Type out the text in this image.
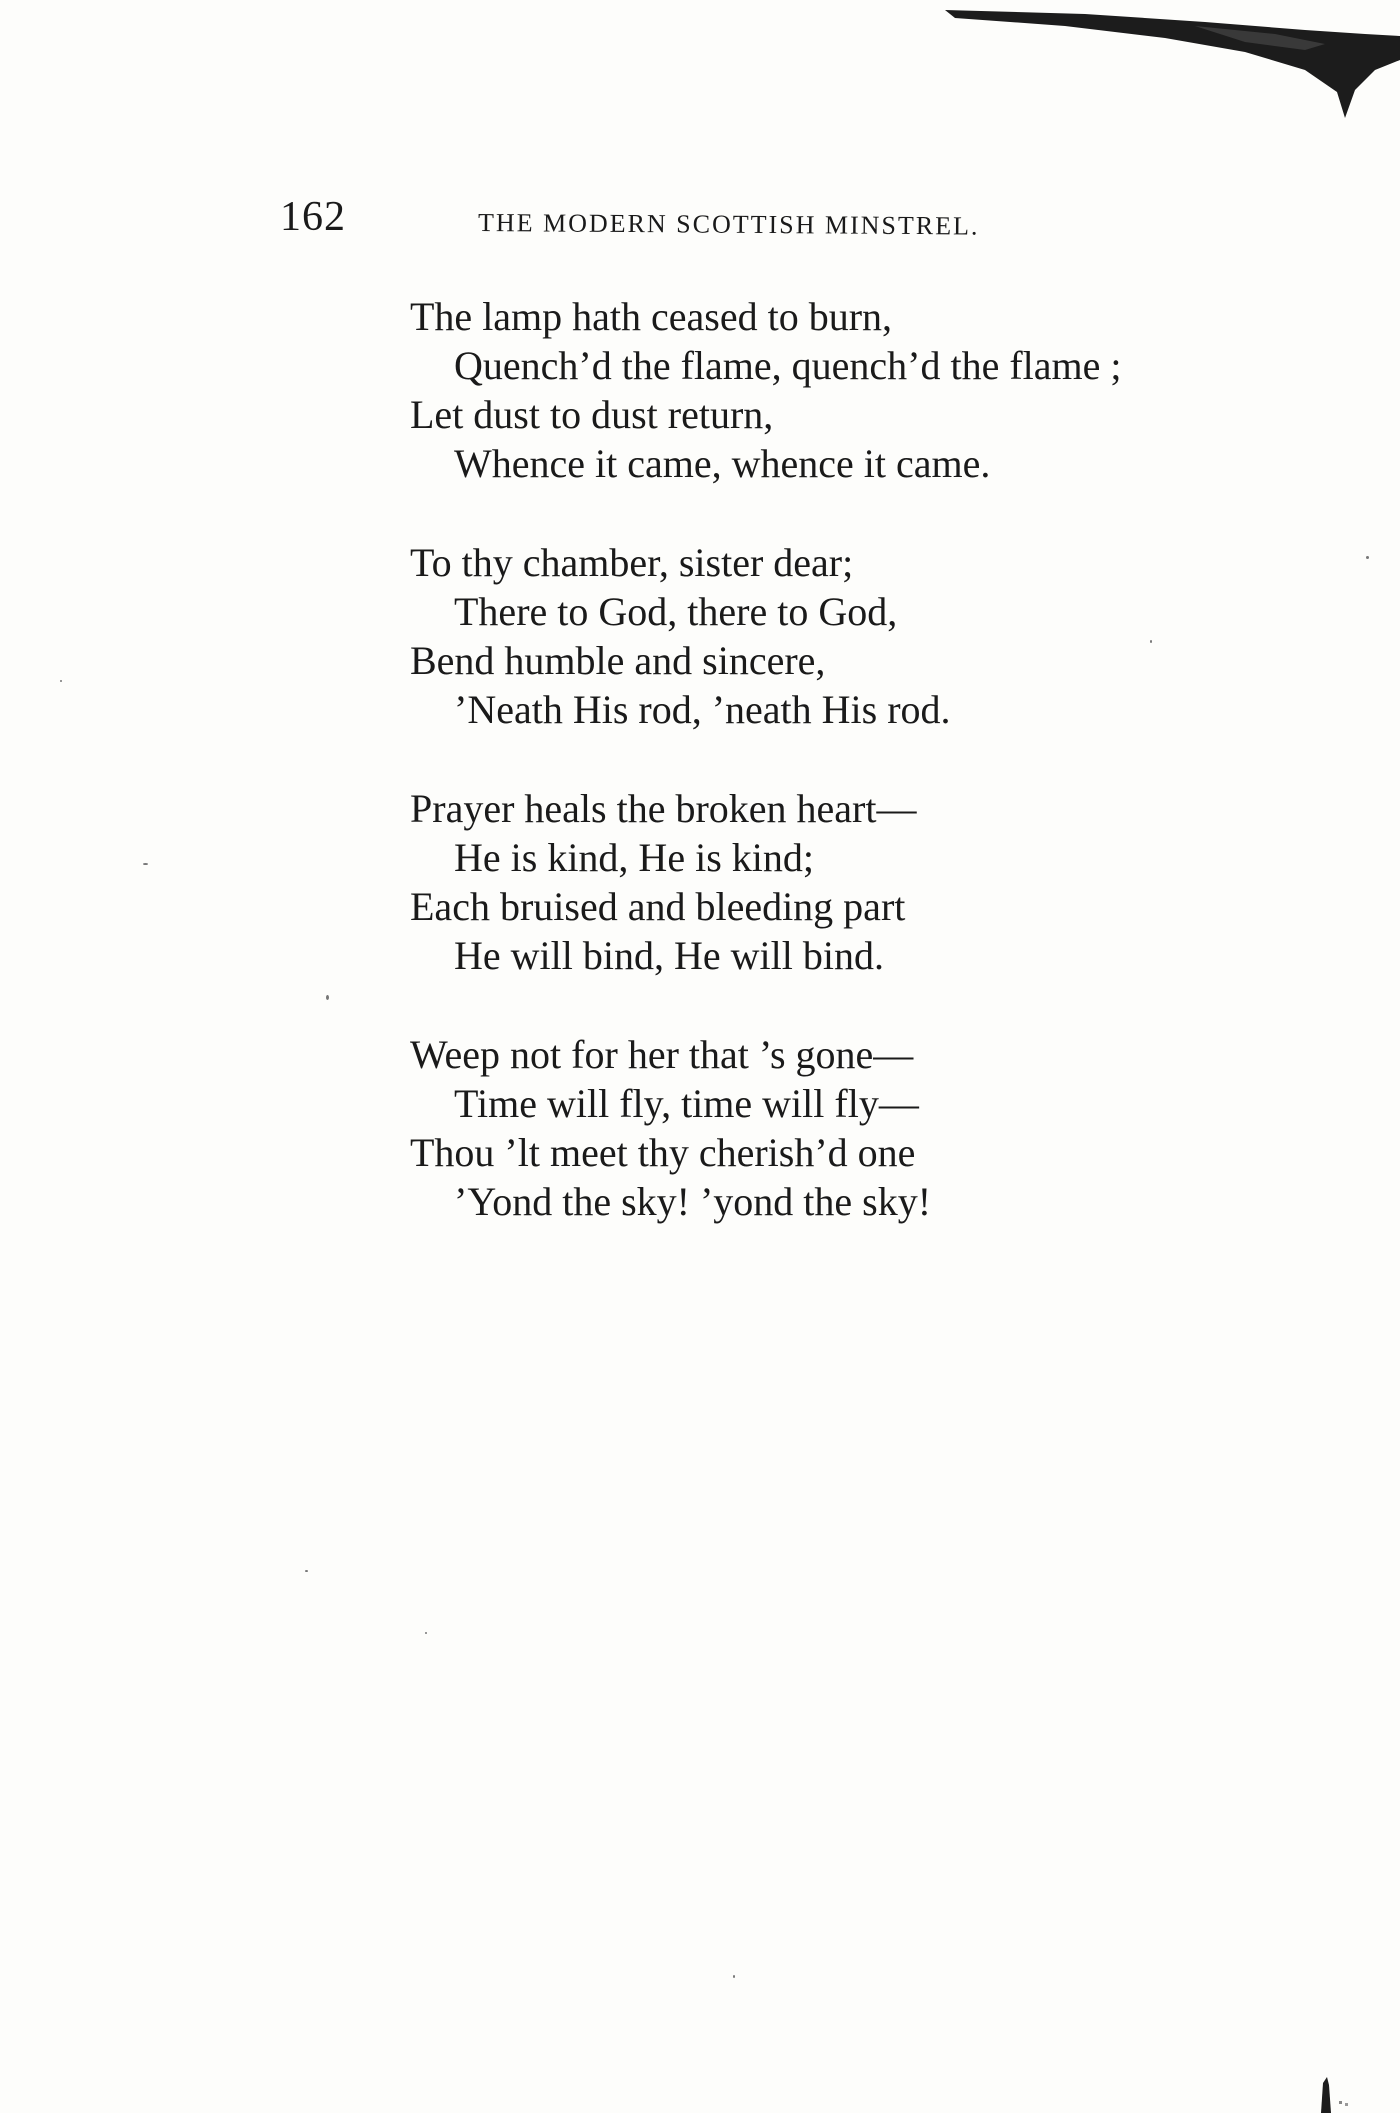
162	THE MODERN SCOTTISH MINSTREL.
The lamp hath ceased to burn,
Quench’d the flame, quench’d the flame ;
Let dust to dust return,
Whence it came, whence it came.
To thy chamber, sister dear;
There to God, there to God,
Bend humble and sincere,
’Neath His rod, ’neath His rod.
Prayer heals the broken heart—
He is kind, He is kind;
Each bruised and bleeding part
He will bind, He will bind.
Weep not for her that ’s gone—
Time will fly, time will fly—
Thou ’lt meet thy cherish’d one
’Yond the sky! ’yond the sky!
